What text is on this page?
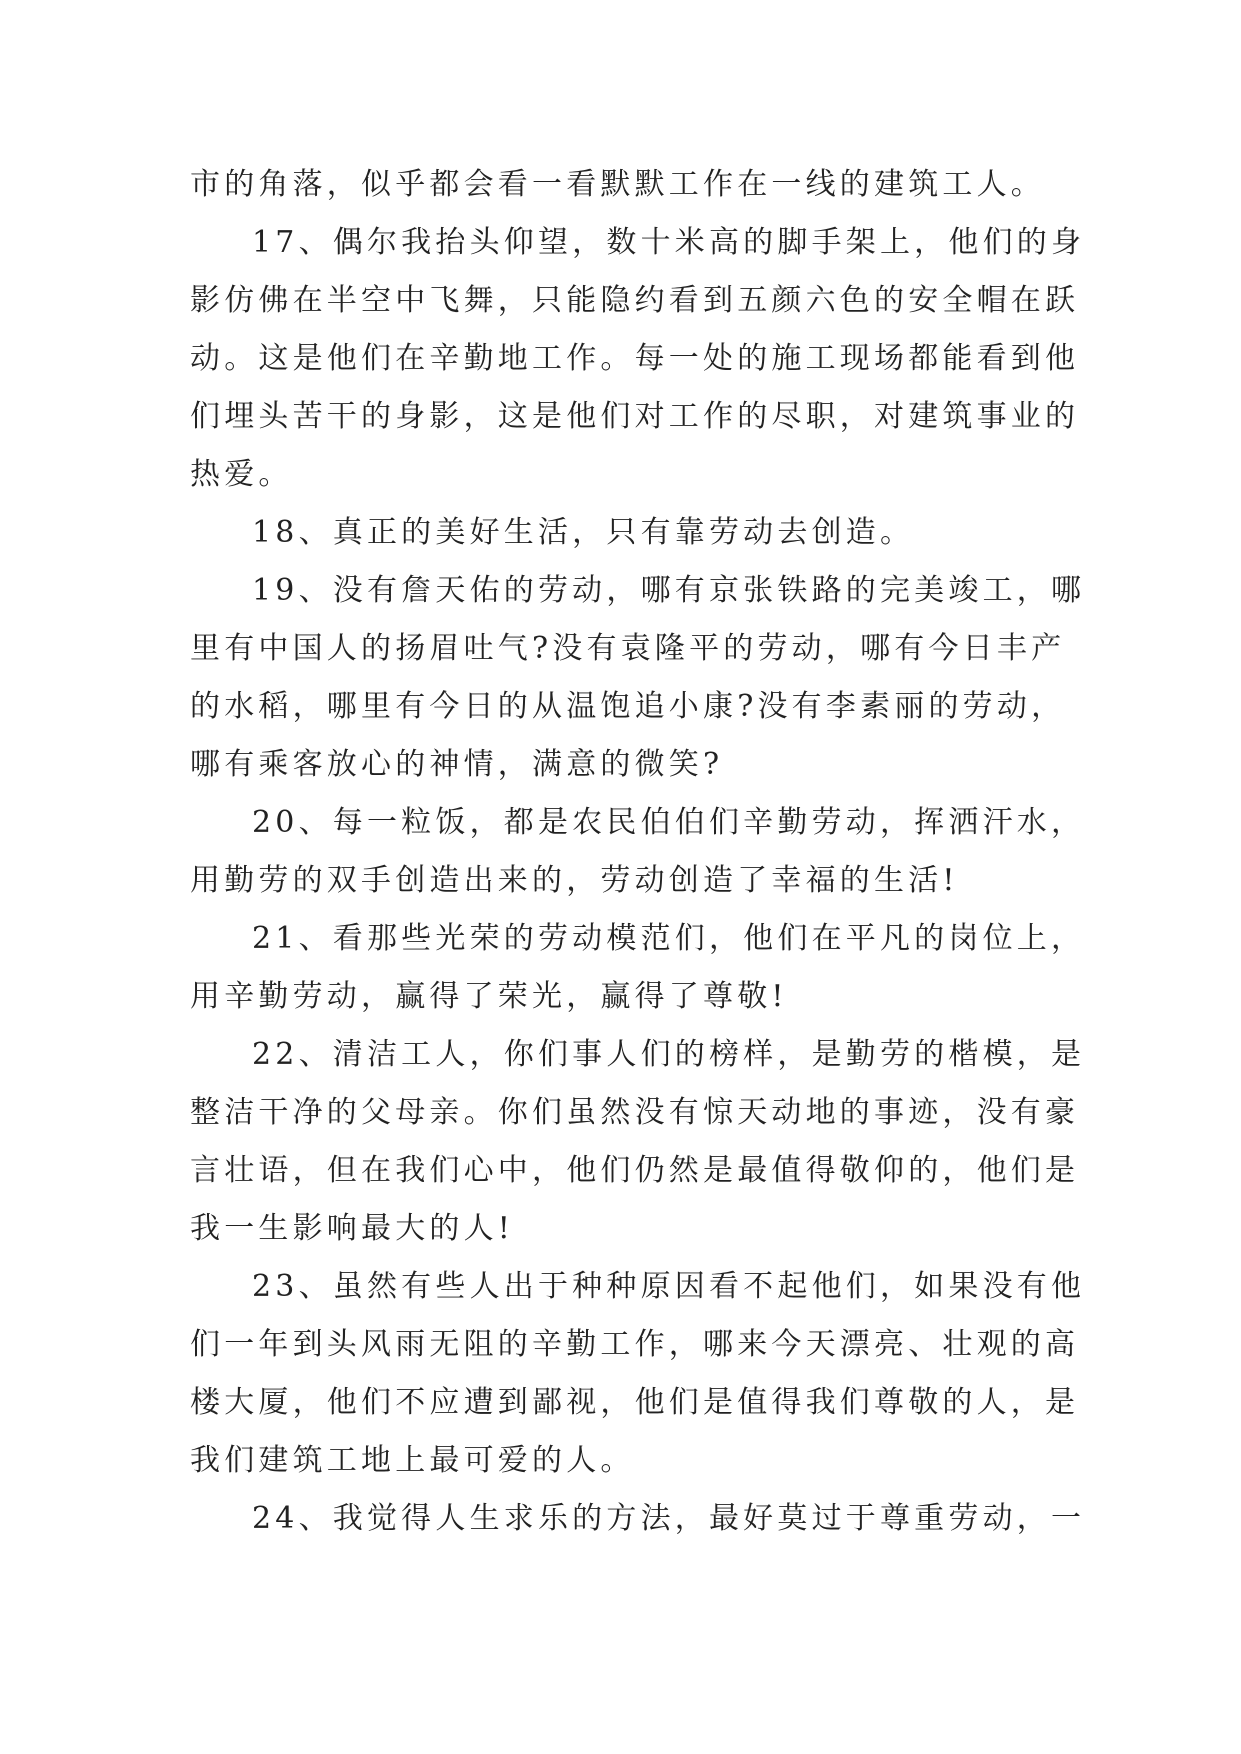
市的角落，似乎都会看一看默默工作在一线的建筑工人。
17、偶尔我抬头仰望，数十米高的脚手架上，他们的身
影仿佛在半空中飞舞，只能隐约看到五颜六色的安全帽在跃
动。这是他们在辛勤地工作。每一处的施工现场都能看到他
们埋头苦干的身影，这是他们对工作的尽职，对建筑事业的
热爱。
18、真正的美好生活，只有靠劳动去创造。
19、没有詹天佑的劳动，哪有京张铁路的完美竣工，哪
里有中国人的扬眉吐气?没有袁隆平的劳动，哪有今日丰产
的水稻，哪里有今日的从温饱追小康?没有李素丽的劳动，
哪有乘客放心的神情，满意的微笑?
20、每一粒饭，都是农民伯伯们辛勤劳动，挥洒汗水，
用勤劳的双手创造出来的，劳动创造了幸福的生活!
21、看那些光荣的劳动模范们，他们在平凡的岗位上，
用辛勤劳动，赢得了荣光，赢得了尊敬!
22、清洁工人，你们事人们的榜样，是勤劳的楷模，是
整洁干净的父母亲。你们虽然没有惊天动地的事迹，没有豪
言壮语，但在我们心中，他们仍然是最值得敬仰的，他们是
我一生影响最大的人!
23、虽然有些人出于种种原因看不起他们，如果没有他
们一年到头风雨无阻的辛勤工作，哪来今天漂亮、壮观的高
楼大厦，他们不应遭到鄙视，他们是值得我们尊敬的人，是
我们建筑工地上最可爱的人。
24、我觉得人生求乐的方法，最好莫过于尊重劳动，一
